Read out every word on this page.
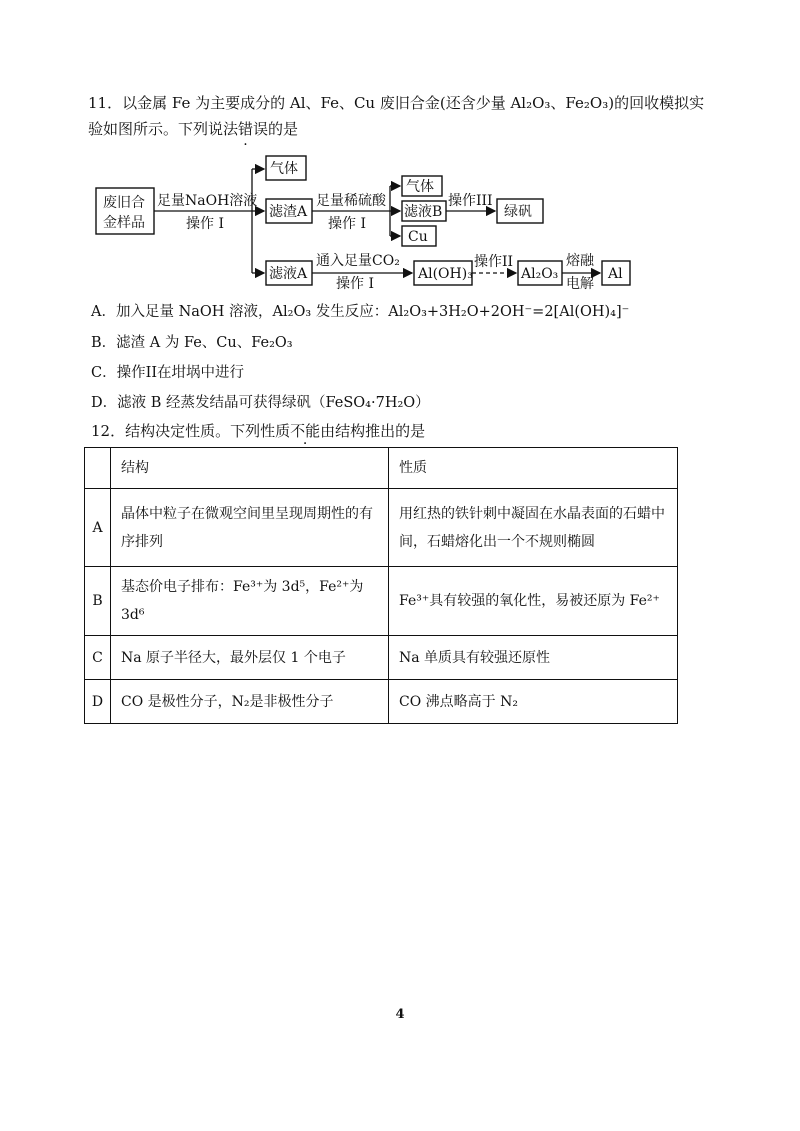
11．以金属 Fe 为主要成分的 Al、Fe、Cu 废旧合金(还含少量 Al₂O₃、Fe₂O₃)的回收模拟实
验如图所示。下列说法错误的是
废旧合
金样品
足量NaOH溶液
操作 I
气体
滤渣A
足量稀硫酸
操作 I
气体
滤液B
Cu
操作III
绿矾
滤液A
通入足量CO₂
操作 I
Al(OH)₃
操作II
Al₂O₃
熔融
电解
Al
A．加入足量 NaOH 溶液，Al₂O₃ 发生反应：Al₂O₃+3H₂O+2OH⁻=2[Al(OH)₄]⁻
B．滤渣 A 为 Fe、Cu、Fe₂O₃
C．操作II在坩埚中进行
D．滤液 B 经蒸发结晶可获得绿矾（FeSO₄·7H₂O）
12．结构决定性质。下列性质不能由结构推出的是
	结构	性质
A	晶体中粒子在微观空间里呈现周期性的有序排列	用红热的铁针刺中凝固在水晶表面的石蜡中间，石蜡熔化出一个不规则椭圆
B	基态价电子排布：Fe³⁺为 3d⁵，Fe²⁺为 3d⁶	Fe³⁺具有较强的氧化性，易被还原为 Fe²⁺
C	Na 原子半径大，最外层仅 1 个电子	Na 单质具有较强还原性
D	CO 是极性分子，N₂是非极性分子	CO 沸点略高于 N₂
4
